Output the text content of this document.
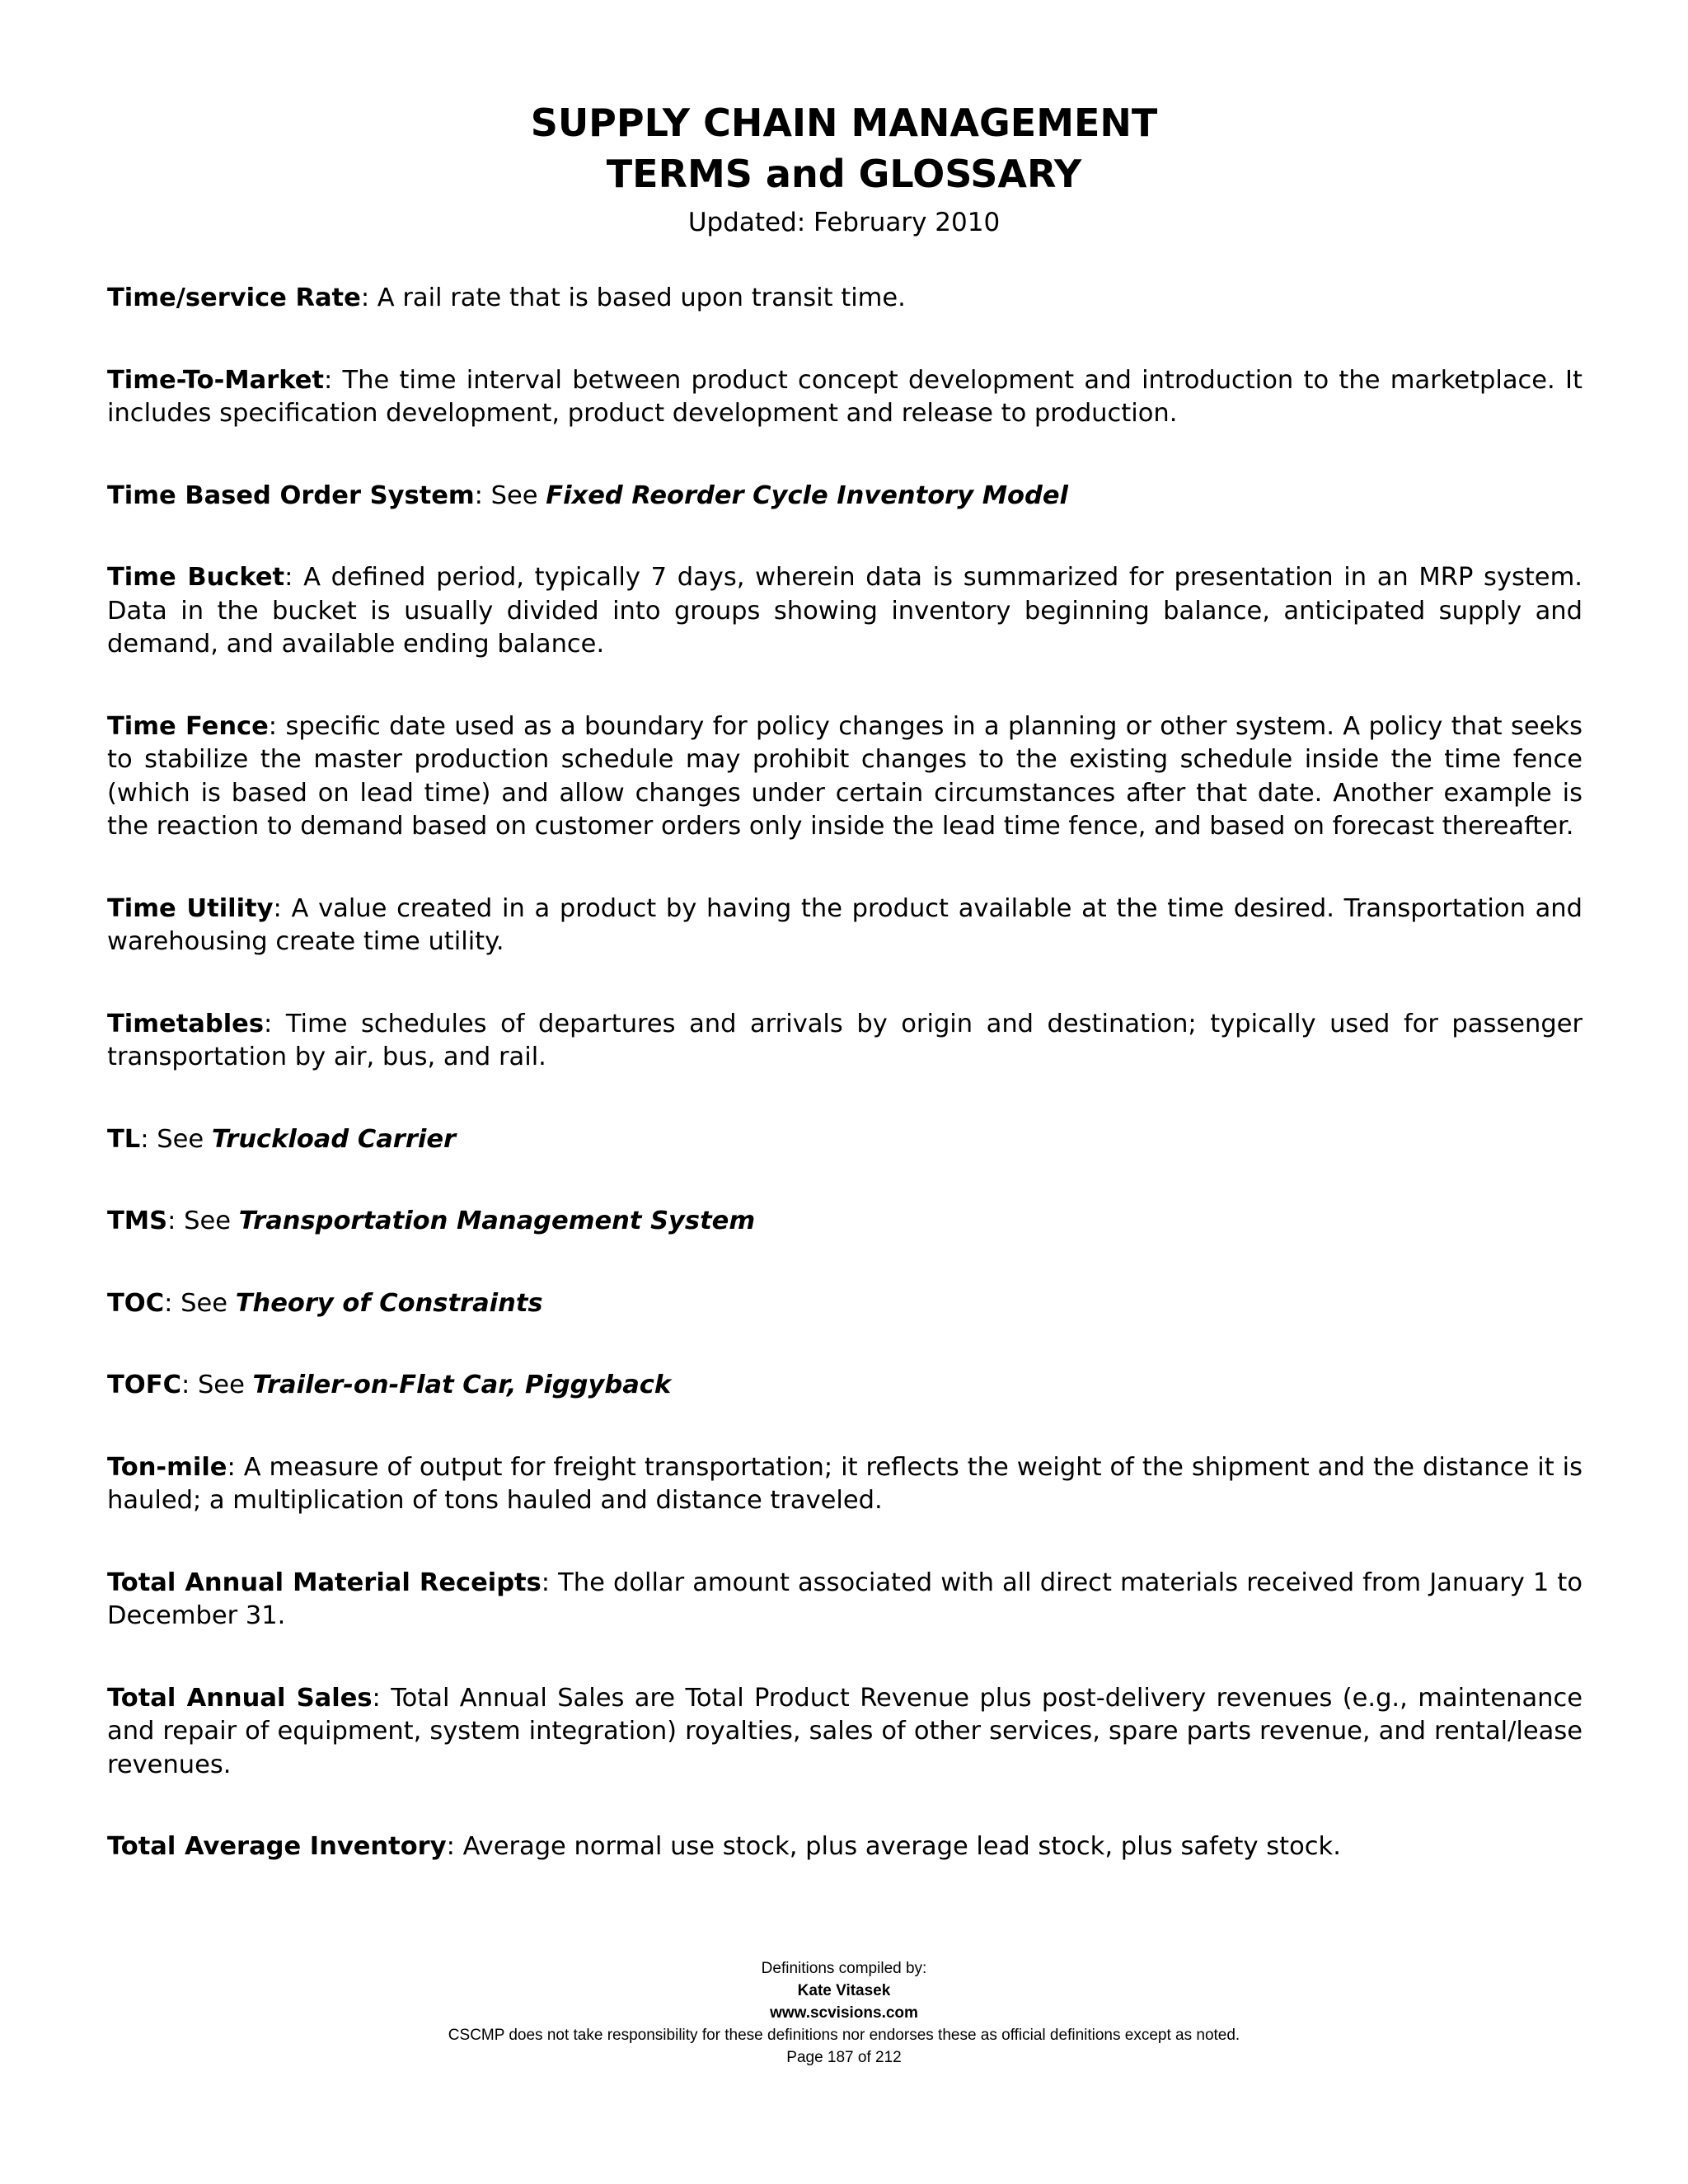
SUPPLY CHAIN MANAGEMENT
TERMS and GLOSSARY
Updated: February 2010

Time/service Rate: A rail rate that is based upon transit time.

Time-To-Market: The time interval between product concept development and introduction to the marketplace. It includes specification development, product development and release to production.

Time Based Order System: See Fixed Reorder Cycle Inventory Model

Time Bucket: A defined period, typically 7 days, wherein data is summarized for presentation in an MRP system. Data in the bucket is usually divided into groups showing inventory beginning balance, anticipated supply and demand, and available ending balance.

Time Fence: specific date used as a boundary for policy changes in a planning or other system. A policy that seeks to stabilize the master production schedule may prohibit changes to the existing schedule inside the time fence (which is based on lead time) and allow changes under certain circumstances after that date. Another example is the reaction to demand based on customer orders only inside the lead time fence, and based on forecast thereafter.

Time Utility: A value created in a product by having the product available at the time desired. Transportation and warehousing create time utility.

Timetables: Time schedules of departures and arrivals by origin and destination; typically used for passenger transportation by air, bus, and rail.

TL: See Truckload Carrier

TMS: See Transportation Management System

TOC: See Theory of Constraints

TOFC: See Trailer-on-Flat Car, Piggyback

Ton-mile: A measure of output for freight transportation; it reflects the weight of the shipment and the distance it is hauled; a multiplication of tons hauled and distance traveled.

Total Annual Material Receipts: The dollar amount associated with all direct materials received from January 1 to December 31.

Total Annual Sales: Total Annual Sales are Total Product Revenue plus post-delivery revenues (e.g., maintenance and repair of equipment, system integration) royalties, sales of other services, spare parts revenue, and rental/lease revenues.

Total Average Inventory: Average normal use stock, plus average lead stock, plus safety stock.

Definitions compiled by:
Kate Vitasek
www.scvisions.com
CSCMP does not take responsibility for these definitions nor endorses these as official definitions except as noted.
Page 187 of 212
